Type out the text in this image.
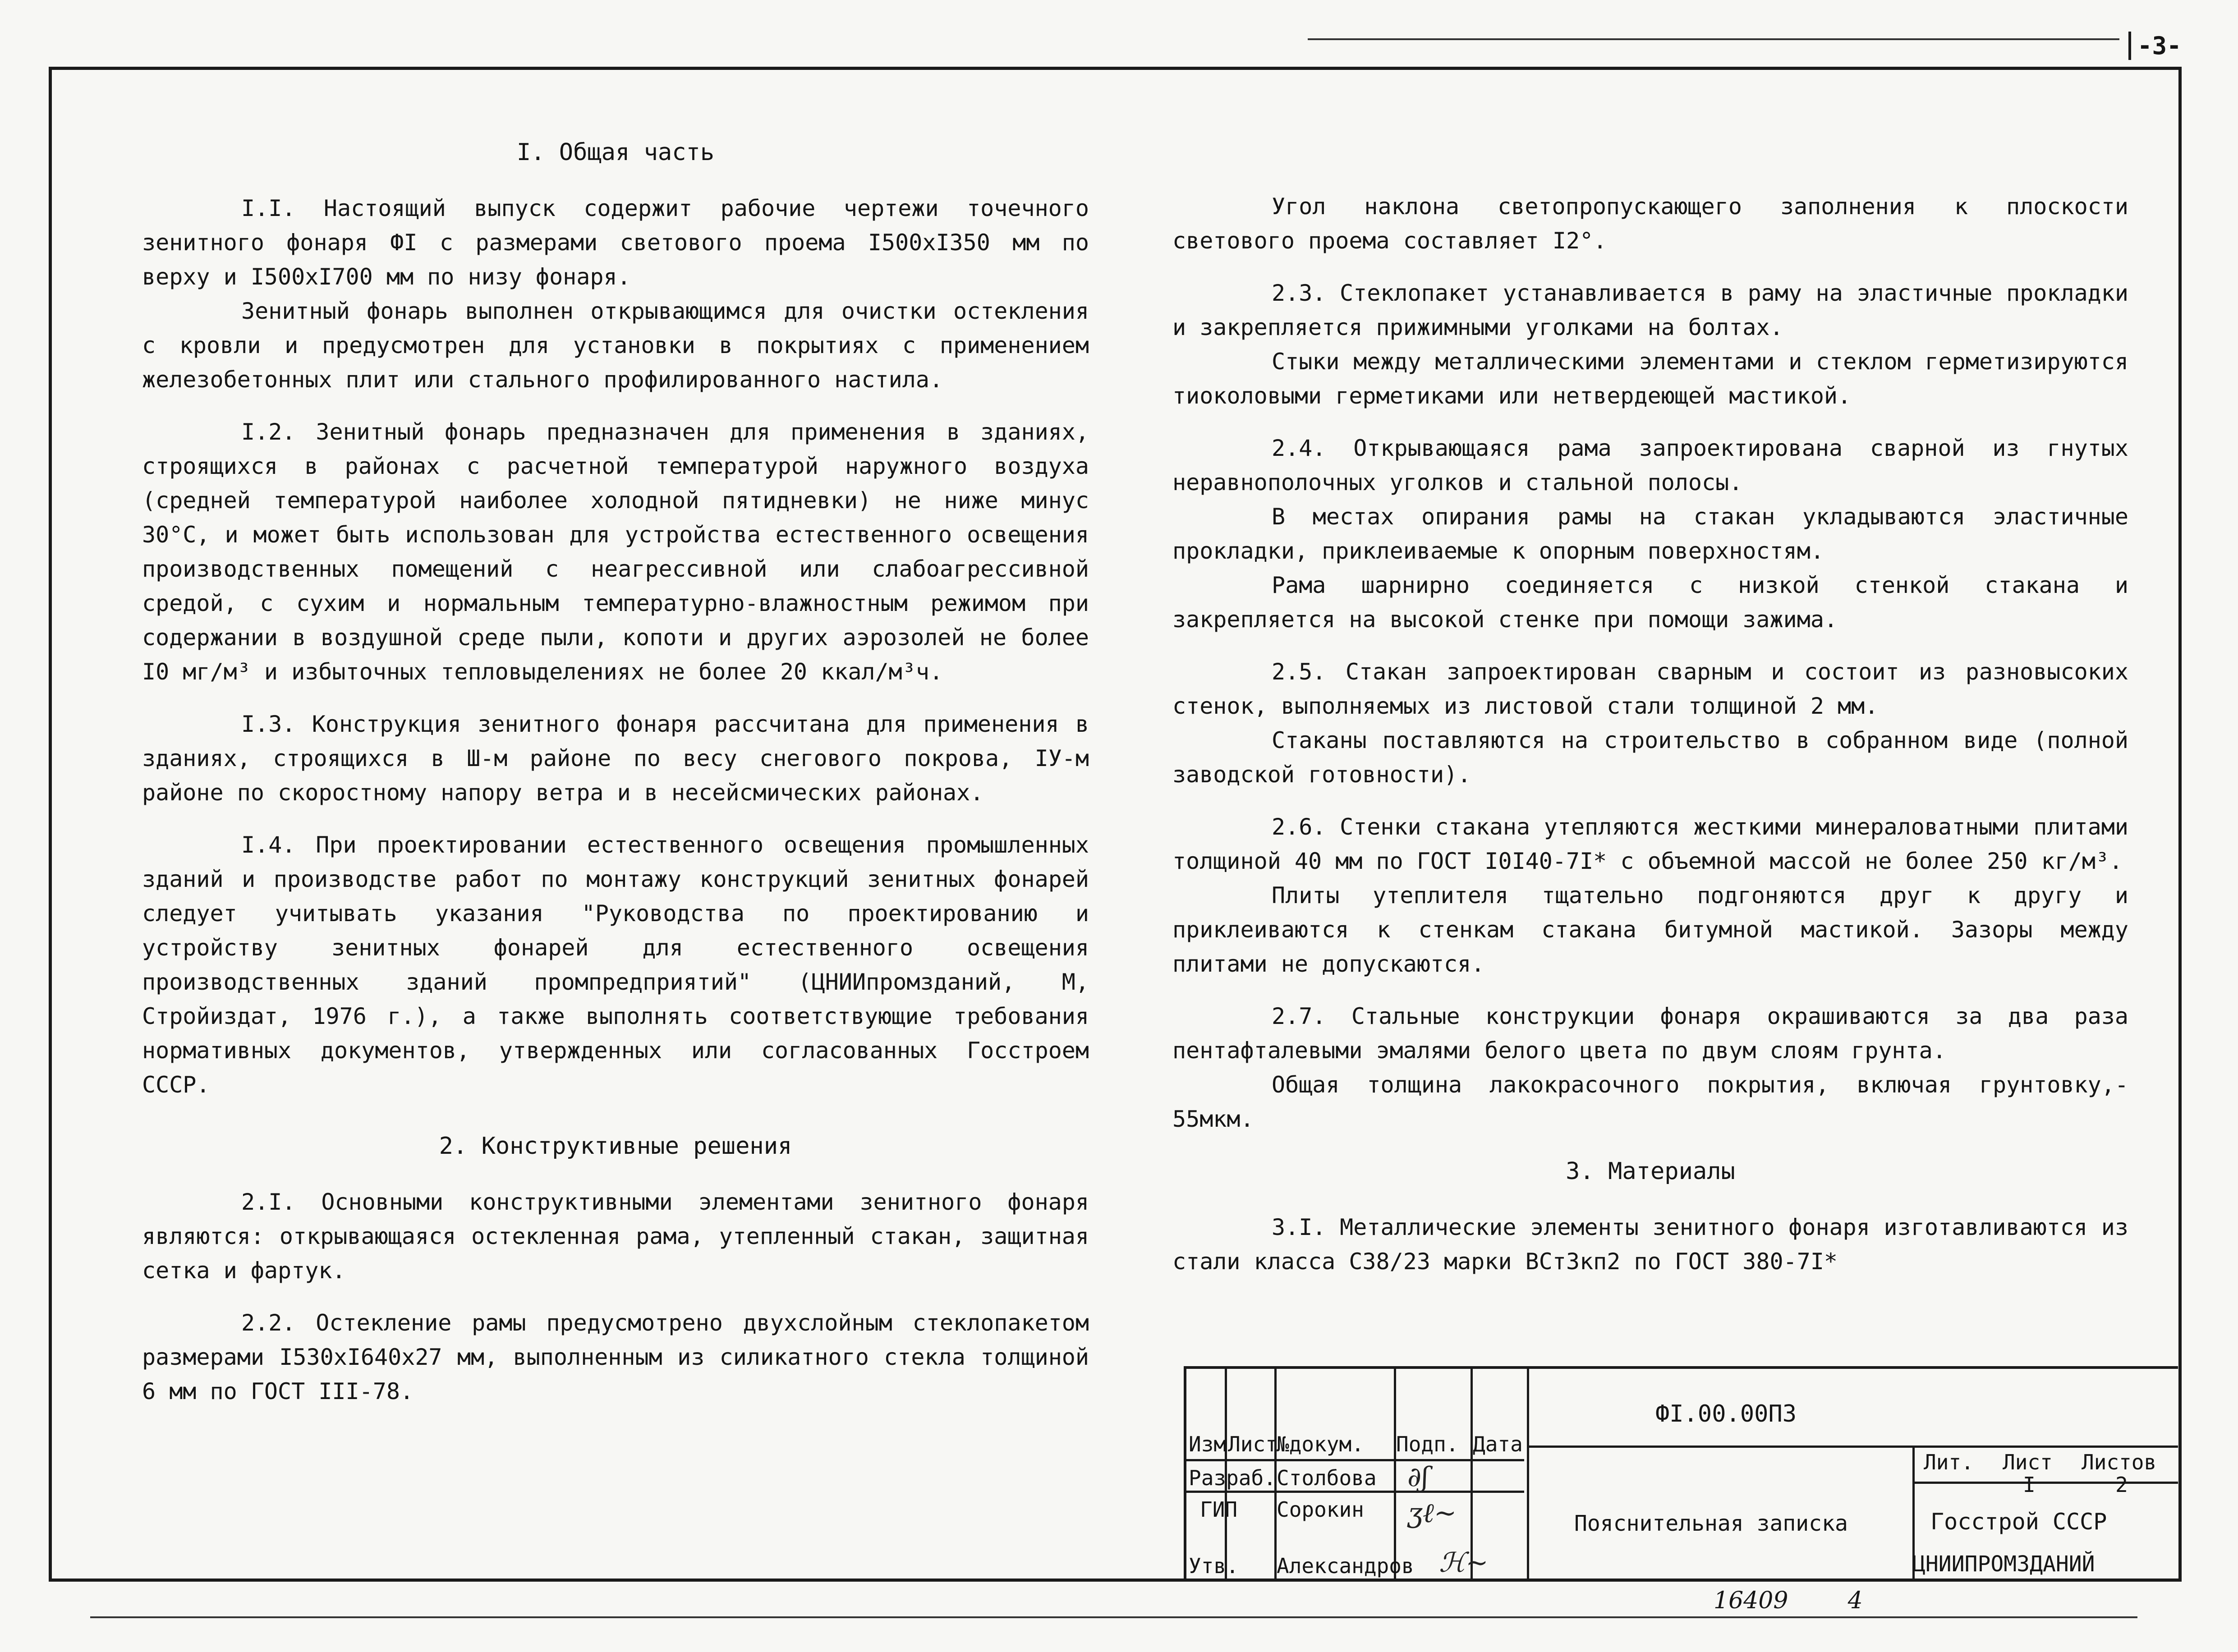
-3-
I. Общая часть

I.I. Настоящий выпуск содержит рабочие чертежи точечного зенитного фонаря ФI с размерами светового проема I500xI350 мм по верху и I500xI700 мм по низу фонаря.

Зенитный фонарь выполнен открывающимся для очистки остекления с кровли и предусмотрен для установки в покрытиях с применением железобетонных плит или стального профилированного настила.

I.2. Зенитный фонарь предназначен для применения в зданиях, строящихся в районах с расчетной температурой наружного воздуха (средней температурой наиболее холодной пятидневки) не ниже минус 30°С, и может быть использован для устройства естественного освещения производственных помещений с неагрессивной или слабоагрессивной средой, с сухим и нормальным температурно-влажностным режимом при содержании в воздушной среде пыли, копоти и других аэрозолей не более I0 мг/м³ и избыточных тепловыделениях не более 20 ккал/м³ч.

I.3. Конструкция зенитного фонаря рассчитана для применения в зданиях, строящихся в Ш-м районе по весу снегового покрова, IУ-м районе по скоростному напору ветра и в несейсмических районах.

I.4. При проектировании естественного освещения промышленных зданий и производстве работ по монтажу конструкций зенитных фонарей следует учитывать указания "Руководства по проектированию и устройству зенитных фонарей для естественного освещения производственных зданий промпредприятий" (ЦНИИпромзданий, М, Стройиздат, 1976 г.), а также выполнять соответствующие требования нормативных документов, утвержденных или согласованных Госстроем СССР.

2. Конструктивные решения

2.I. Основными конструктивными элементами зенитного фонаря являются: открывающаяся остекленная рама, утепленный стакан, защитная сетка и фартук.

2.2. Остекление рамы предусмотрено двухслойным стеклопакетом размерами I530xI640x27 мм, выполненным из силикатного стекла толщиной 6 мм по ГОСТ III-78.

Угол наклона светопропускающего заполнения к плоскости светового проема составляет I2°.

2.3. Стеклопакет устанавливается в раму на эластичные прокладки и закрепляется прижимными уголками на болтах.

Стыки между металлическими элементами и стеклом герметизируются тиоколовыми герметиками или нетвердеющей мастикой.

2.4. Открывающаяся рама запроектирована сварной из гнутых неравнополочных уголков и стальной полосы.

В местах опирания рамы на стакан укладываются эластичные прокладки, приклеиваемые к опорным поверхностям.

Рама шарнирно соединяется с низкой стенкой стакана и закрепляется на высокой стенке при помощи зажима.

2.5. Стакан запроектирован сварным и состоит из разновысоких стенок, выполняемых из листовой стали толщиной 2 мм.

Стаканы поставляются на строительство в собранном виде (полной заводской готовности).

2.6. Стенки стакана утепляются жесткими минераловатными плитами толщиной 40 мм по ГОСТ I0I40-7I* с объемной массой не более 250 кг/м³.

Плиты утеплителя тщательно подгоняются друг к другу и приклеиваются к стенкам стакана битумной мастикой. Зазоры между плитами не допускаются.

2.7. Стальные конструкции фонаря окрашиваются за два раза пентафталевыми эмалями белого цвета по двум слоям грунта.

Общая толщина лакокрасочного покрытия, включая грунтовку,- 55мкм.

3. Материалы

3.I. Металлические элементы зенитного фонаря изготавливаются из стали класса С38/23 марки ВСт3кп2 по ГОСТ 380-7I*

ФI.00.00ПЗ
Изм Лист
№докум. Подп. Дата
Разраб. Столбова
ГИП Сорокин
Утв. Александров
∂ʃ
ʒℓ∼
ℋ∼
Пояснительная записка
Лит. Лист Листов
I	2
Госстрой СССР
ЦНИИПРОМЗДАНИЙ
16409	4
